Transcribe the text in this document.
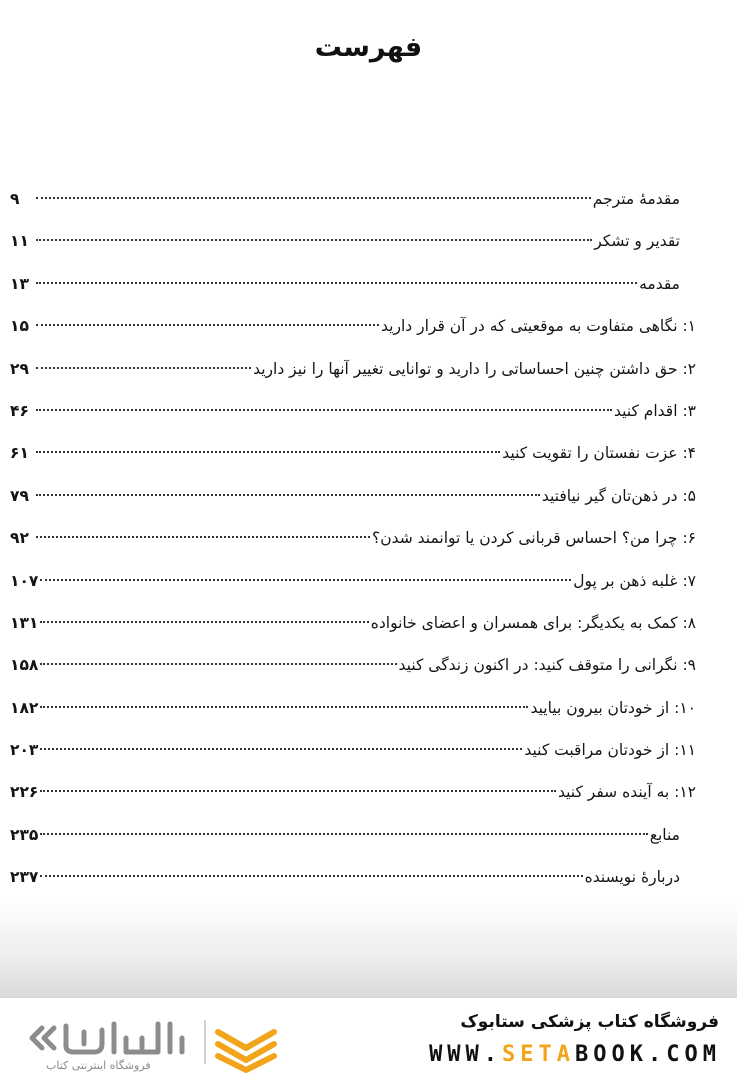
فهرست
مقدمۀ مترجم
۹
تقدیر و تشکر
۱۱
مقدمه
۱۳
۱: نگاهی متفاوت به موقعیتی که در آن قرار دارید
۱۵
۲: حق داشتن چنین احساساتی را دارید و توانایی تغییر آنها را نیز دارید
۲۹
۳: اقدام کنید
۴۶
۴: عزت نفستان را تقویت کنید
۶۱
۵: در ذهن‌تان گیر نیافتید
۷۹
۶: چرا من؟ احساس قربانی کردن یا توانمند شدن؟
۹۲
۷: غلبه ذهن بر پول
۱۰۷
۸: کمک به یکدیگر: برای همسران و اعضای خانواده
۱۳۱
۹: نگرانی را متوقف کنید: در اکنون زندگی کنید
۱۵۸
۱۰: از خودتان بیرون بیایید
۱۸۲
۱۱: از خودتان مراقبت کنید
۲۰۳
۱۲: به آینده سفر کنید
۲۲۶
منابع
۲۳۵
دربارۀ نویسنده
۲۳۷
فروشگاه اینترنتی کتاب
فروشگاه کتاب پزشکی ستابوک
WWW.SETABOOK.COM
